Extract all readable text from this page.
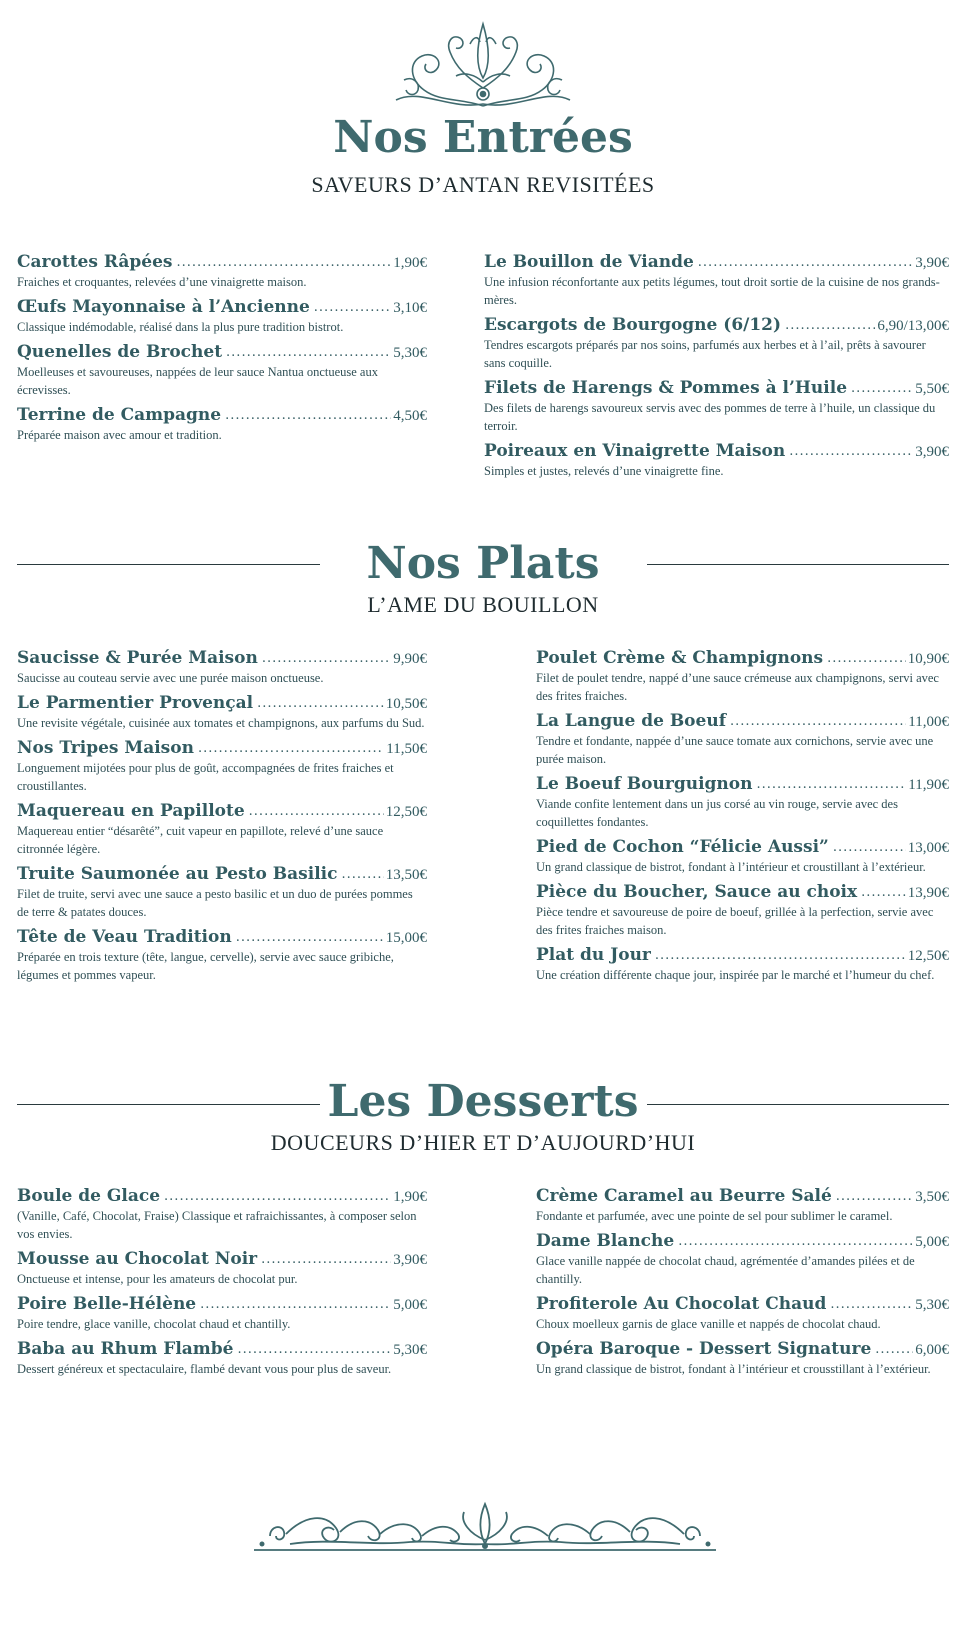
Nos Entrées

SAVEURS D’ANTAN REVISITÉES

Carottes Râpées .....	1,90€

Fraiches et croquantes, relevées d’une vinaigrette maison.

Œufs Mayonnaise à l’Ancienne .....	3,10€

Classique indémodable, réalisé dans la plus pure tradition bistrot.

Quenelles de Brochet .....	5,30€

Moelleuses et savoureuses, nappées de leur sauce Nantua onctueuse aux écrevisses.

Terrine de Campagne .....	4,50€

Préparée maison avec amour et tradition.

Le Bouillon de Viande .....	3,90€

Une infusion réconfortante aux petits légumes, tout droit sortie de la cuisine de nos grands-mères.

Escargots de Bourgogne (6/12) .....	6,90/13,00€

Tendres escargots préparés par nos soins, parfumés aux herbes et à l’ail, prêts à savourer sans coquille.

Filets de Harengs & Pommes à l’Huile .....	5,50€

Des filets de harengs savoureux servis avec des pommes de terre à l’huile, un classique du terroir.

Poireaux en Vinaigrette Maison .....	3,90€

Simples et justes, relevés d’une vinaigrette fine.

Nos Plats

L’AME DU BOUILLON

Saucisse & Purée Maison .....	9,90€

Saucisse au couteau servie avec une purée maison onctueuse.

Le Parmentier Provençal .....	10,50€

Une revisite végétale, cuisinée aux tomates et champignons, aux parfums du Sud.

Nos Tripes Maison .....	11,50€

Longuement mijotées pour plus de goût, accompagnées de frites fraiches et croustillantes.

Maquereau en Papillote .....	12,50€

Maquereau entier “désarêté”, cuit vapeur en papillote, relevé d’une sauce citronnée légère.

Truite Saumonée au Pesto Basilic .....	13,50€

Filet de truite, servi avec une sauce a pesto basilic et un duo de purées pommes de terre & patates douces.

Tête de Veau Tradition .....	15,00€

Préparée en trois texture (tête, langue, cervelle), servie avec sauce gribiche, légumes et pommes vapeur.

Poulet Crème & Champignons .....	10,90€

Filet de poulet tendre, nappé d’une sauce crémeuse aux champignons, servi avec des frites fraiches.

La Langue de Boeuf .....	11,00€

Tendre et fondante, nappée d’une sauce tomate aux cornichons, servie avec une purée maison.

Le Boeuf Bourguignon .....	11,90€

Viande confite lentement dans un jus corsé au vin rouge, servie avec des coquillettes fondantes.

Pied de Cochon “Félicie Aussi” .....	13,00€

Un grand classique de bistrot, fondant à l’intérieur et croustillant à l’extérieur.

Pièce du Boucher, Sauce au choix .....	13,90€

Pièce tendre et savoureuse de poire de boeuf, grillée à la perfection, servie avec des frites fraiches maison.

Plat du Jour .....	12,50€

Une création différente chaque jour, inspirée par le marché et l’humeur du chef.

Les Desserts

DOUCEURS D’HIER ET D’AUJOURD’HUI

Boule de Glace .....	1,90€

(Vanille, Café, Chocolat, Fraise) Classique et rafraichissantes, à composer selon vos envies.

Mousse au Chocolat Noir .....	3,90€

Onctueuse et intense, pour les amateurs de chocolat pur.

Poire Belle-Hélène .....	5,00€

Poire tendre, glace vanille, chocolat chaud et chantilly.

Baba au Rhum Flambé .....	5,30€

Dessert généreux et spectaculaire, flambé devant vous pour plus de saveur.

Crème Caramel au Beurre Salé .....	3,50€

Fondante et parfumée, avec une pointe de sel pour sublimer le caramel.

Dame Blanche .....	5,00€

Glace vanille nappée de chocolat chaud, agrémentée d’amandes pilées et de chantilly.

Profiterole Au Chocolat Chaud .....	5,30€

Choux moelleux garnis de glace vanille et nappés de chocolat chaud.

Opéra Baroque - Dessert Signature .....	6,00€

Un grand classique de bistrot, fondant à l’intérieur et crousstillant à l’extérieur.
